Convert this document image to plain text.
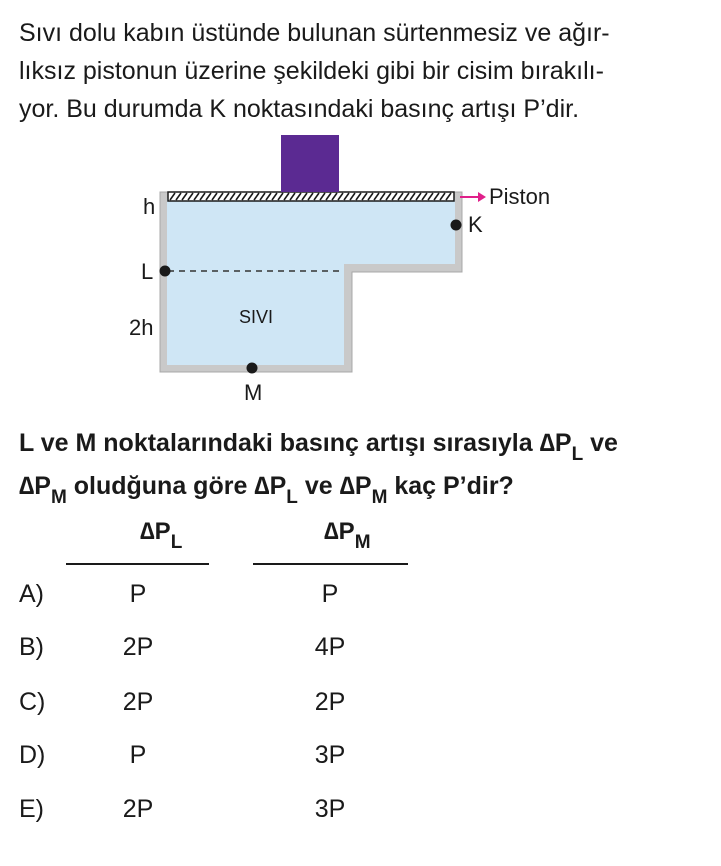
Sıvı dolu kabın üstünde bulunan sürtenmesiz ve ağır-
lıksız pistonun üzerine şekildeki gibi bir cisim bırakılı-
yor. Bu durumda K noktasındaki basınç artışı P’dir.
Piston
K
h
L
2h	SIVI
M
L ve M noktalarındaki basınç artışı sırasıyla $\Delta P_L$ ve
$\Delta P_M$ oludğuna göre $\Delta P_L$ ve $\Delta P_M$ kaç P’dir?
$\Delta P_L$	$\Delta P_M$
A)	P	P
B)	2P	4P
C)	2P	2P
D)	P	3P
E)	2P	3P
